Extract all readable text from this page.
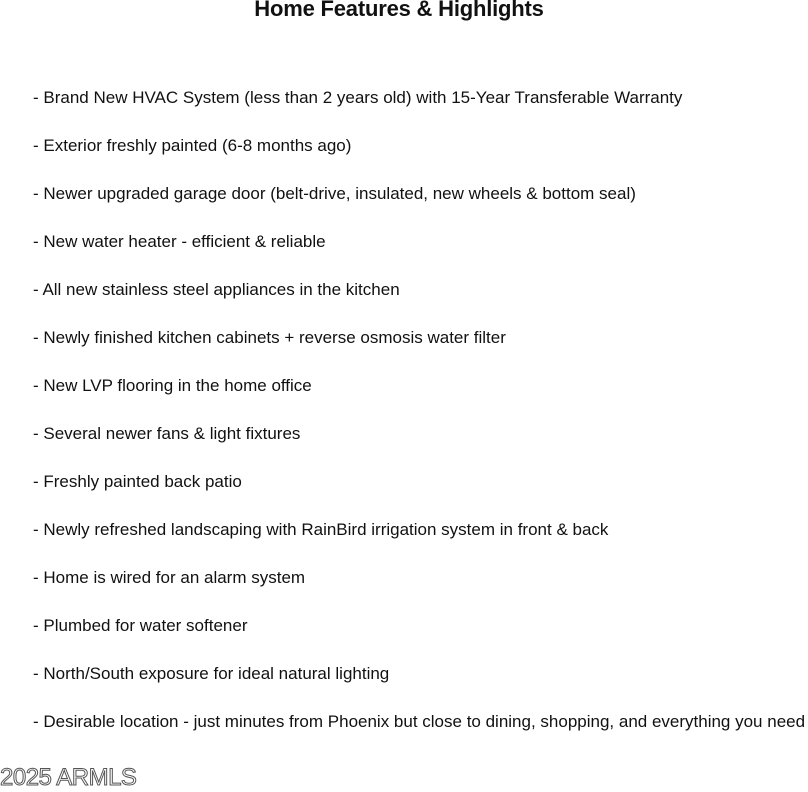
Home Features & Highlights
- Brand New HVAC System (less than 2 years old) with 15-Year Transferable Warranty
- Exterior freshly painted (6-8 months ago)
- Newer upgraded garage door (belt-drive, insulated, new wheels & bottom seal)
- New water heater - efficient & reliable
- All new stainless steel appliances in the kitchen
- Newly finished kitchen cabinets + reverse osmosis water filter
- New LVP flooring in the home office
- Several newer fans & light fixtures
- Freshly painted back patio
- Newly refreshed landscaping with RainBird irrigation system in front & back
- Home is wired for an alarm system
- Plumbed for water softener
- North/South exposure for ideal natural lighting
- Desirable location - just minutes from Phoenix but close to dining, shopping, and everything you need
2025 ARMLS
